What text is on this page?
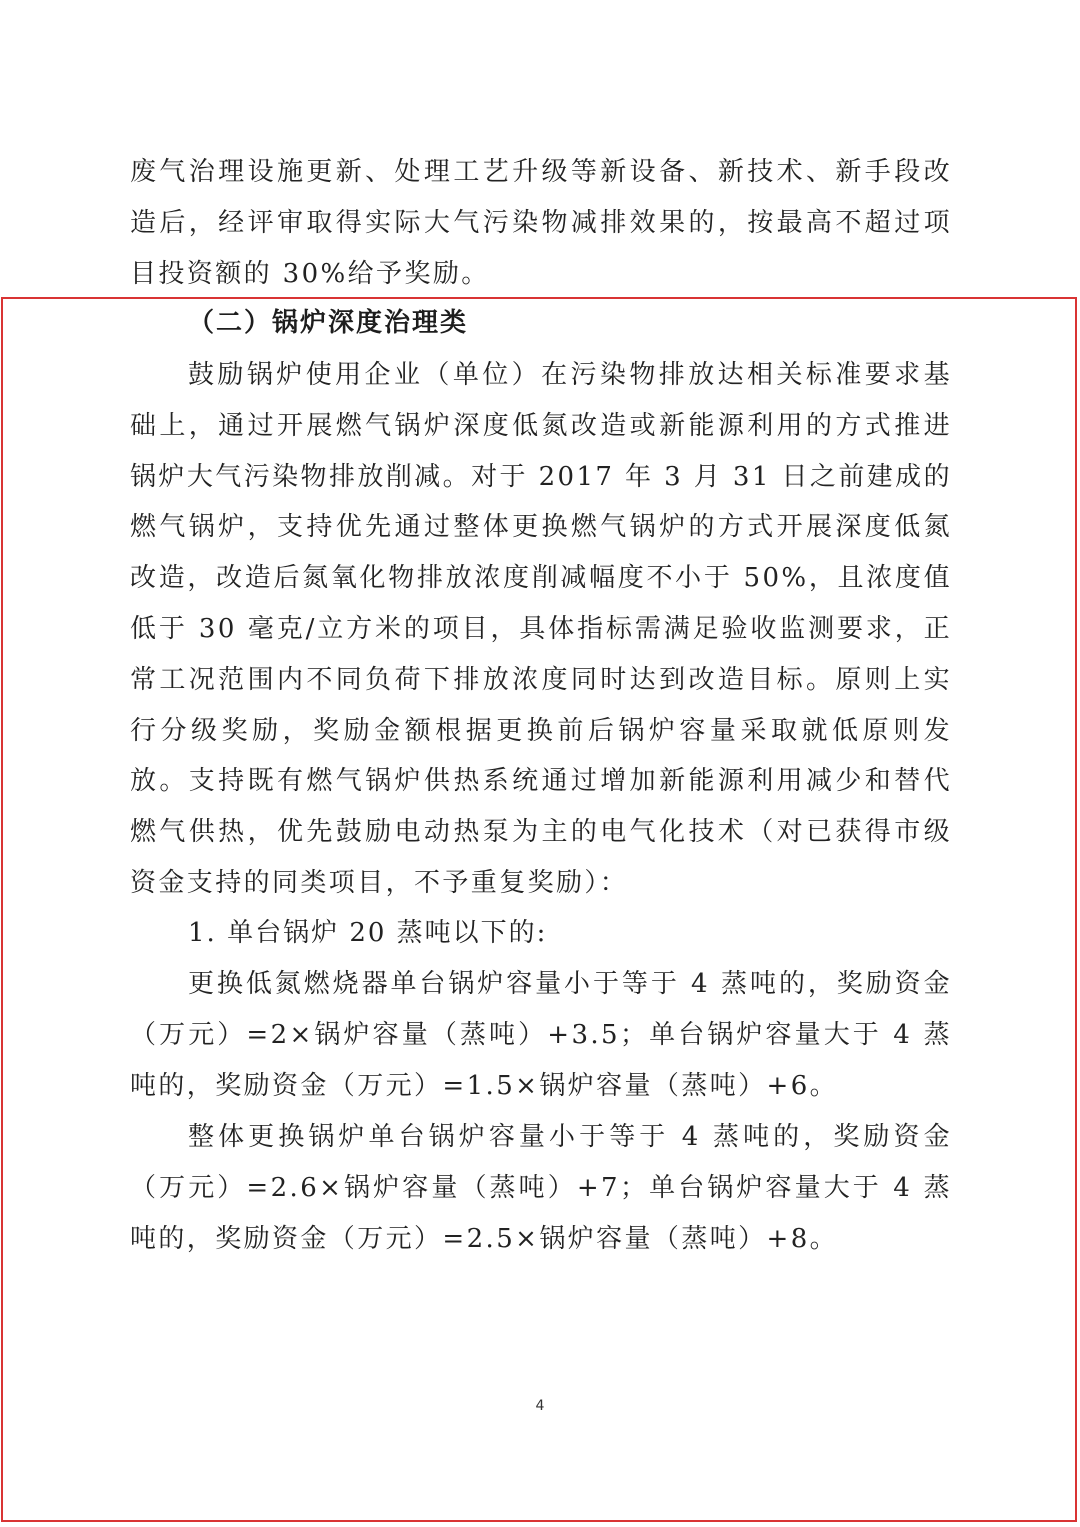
废气治理设施更新、处理工艺升级等新设备、新技术、新手段改造后，经评审取得实际大气污染物减排效果的，按最高不超过项目投资额的 30%给予奖励。

（二）锅炉深度治理类

鼓励锅炉使用企业（单位）在污染物排放达相关标准要求基础上，通过开展燃气锅炉深度低氮改造或新能源利用的方式推进锅炉大气污染物排放削减。对于 2017 年 3 月 31 日之前建成的燃气锅炉，支持优先通过整体更换燃气锅炉的方式开展深度低氮改造，改造后氮氧化物排放浓度削减幅度不小于 50%，且浓度值低于 30 毫克/立方米的项目，具体指标需满足验收监测要求，正常工况范围内不同负荷下排放浓度同时达到改造目标。原则上实行分级奖励，奖励金额根据更换前后锅炉容量采取就低原则发放。支持既有燃气锅炉供热系统通过增加新能源利用减少和替代燃气供热，优先鼓励电动热泵为主的电气化技术（对已获得市级资金支持的同类项目，不予重复奖励）：

1. 单台锅炉 20 蒸吨以下的:

更换低氮燃烧器单台锅炉容量小于等于 4 蒸吨的，奖励资金（万元）=2×锅炉容量（蒸吨）+3.5；单台锅炉容量大于 4 蒸吨的，奖励资金（万元）=1.5×锅炉容量（蒸吨）+6。

整体更换锅炉单台锅炉容量小于等于 4 蒸吨的，奖励资金（万元）=2.6×锅炉容量（蒸吨）+7；单台锅炉容量大于 4 蒸吨的，奖励资金（万元）=2.5×锅炉容量（蒸吨）+8。

4
